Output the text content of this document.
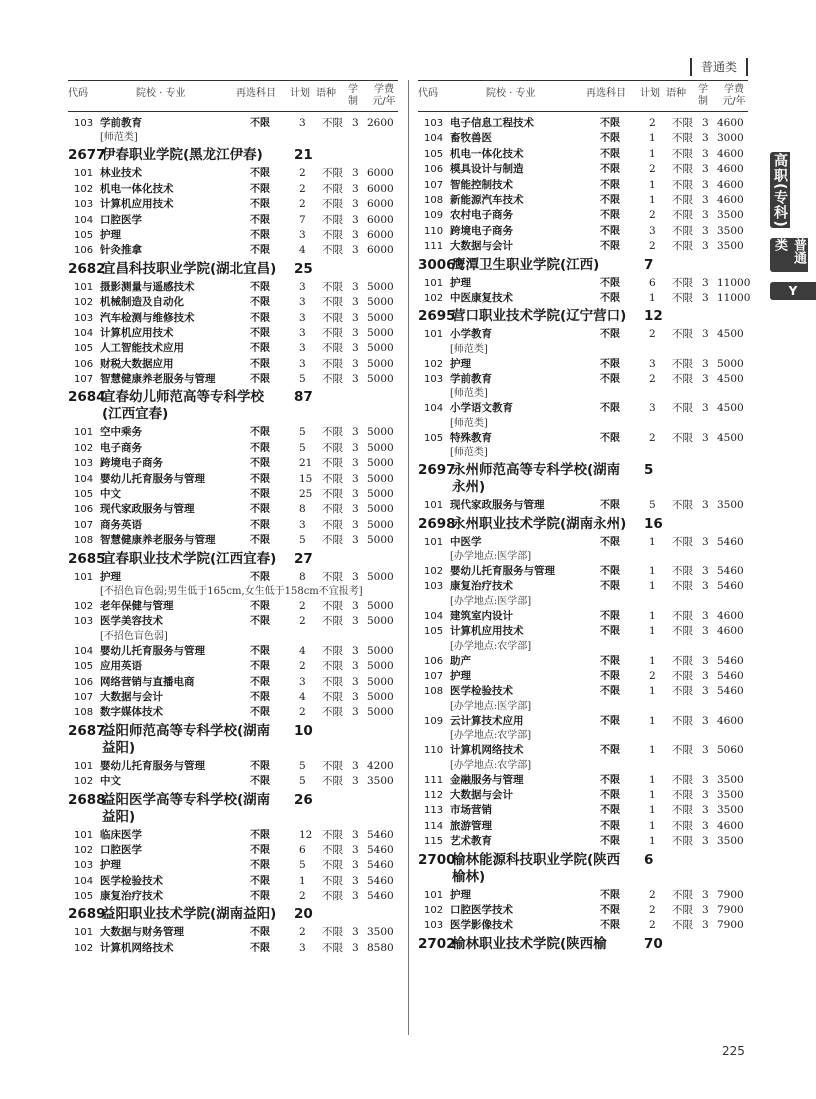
普通类
代码	院校 · 专业	再选科目 计划 语种 学制
学费元/年
103 学前教育	不限	3 不限 3 2600
[师范类]
2677
伊春职业学院(黑龙江伊春)	21
101 林业技术	不限	2 不限 3 6000
102 机电一体化技术	不限	2 不限 3 6000
103 计算机应用技术	不限	2 不限 3 6000
104 口腔医学	不限	7 不限 3 6000
105 护理	不限	3 不限 3 6000
106 针灸推拿	不限	4 不限 3 6000
2682
宜昌科技职业学院(湖北宜昌) 25
101 摄影测量与遥感技术	不限	3 不限 3 5000
102 机械制造及自动化	不限	3 不限 3 5000
103 汽车检测与维修技术	不限	3 不限 3 5000
104 计算机应用技术	不限	3 不限 3 5000
105 人工智能技术应用	不限	3 不限 3 5000
106 财税大数据应用	不限	3 不限 3 5000
107 智慧健康养老服务与管理	不限	5 不限 3 5000
2684
宜春幼儿师范高等专科学校(江西宜春)
87
101 空中乘务	不限	5 不限 3 5000
102 电子商务	不限	5 不限 3 5000
103 跨境电子商务	不限	21 不限 3 5000
104 婴幼儿托育服务与管理	不限	15 不限 3 5000
105 中文	不限	25 不限 3 5000
106 现代家政服务与管理	不限	8 不限 3 5000
107 商务英语	不限	3 不限 3 5000
108 智慧健康养老服务与管理	不限	5 不限 3 5000
2685
宜春职业技术学院(江西宜春) 27
101 护理	不限	8 不限 3 5000
[不招色盲色弱;男生低于165cm,女生低于158cm不宜报考]
102 老年保健与管理	不限	2 不限 3 5000
103 医学美容技术	不限	2 不限 3 5000
[不招色盲色弱]
104 婴幼儿托育服务与管理	不限	4 不限 3 5000
105 应用英语	不限	2 不限 3 5000
106 网络营销与直播电商	不限	3 不限 3 5000
107 大数据与会计	不限	4 不限 3 5000
108 数字媒体技术	不限	2 不限 3 5000
2687
益阳师范高等专科学校(湖南益阳)
10
101 婴幼儿托育服务与管理	不限	5 不限 3 4200
102 中文	不限	5 不限 3 3500
2688
益阳医学高等专科学校(湖南益阳)
26
101 临床医学	不限	12 不限 3 5460
102 口腔医学	不限	6 不限 3 5460
103 护理	不限	5 不限 3 5460
104 医学检验技术	不限	1 不限 3 5460
105 康复治疗技术	不限	2 不限 3 5460
2689
益阳职业技术学院(湖南益阳) 20
101 大数据与财务管理	不限	2 不限 3 3500
102 计算机网络技术	不限	3 不限 3 8580
代码	院校 · 专业	再选科目 计划 语种 学制
学费元/年
103 电子信息工程技术	不限	2 不限 3 4600
104 畜牧兽医	不限	1 不限 3 3000
105 机电一体化技术	不限	1 不限 3 4600
106 模具设计与制造	不限	2 不限 3 4600
107 智能控制技术	不限	1 不限 3 4600
108 新能源汽车技术	不限	1 不限 3 4600
109 农村电子商务	不限	2 不限 3 3500
110 跨境电子商务	不限	3 不限 3 3500
111 大数据与会计	不限	2 不限 3 3500
3006
鹰潭卫生职业学院(江西)	7
101 护理	不限	6 不限 3 11000
102 中医康复技术	不限	1 不限 3 11000
2695
营口职业技术学院(辽宁营口) 12
101 小学教育	不限	2 不限 3 4500
[师范类]
102 护理	不限	3 不限 3 5000
103 学前教育	不限	2 不限 3 4500
[师范类]
104 小学语文教育	不限	3 不限 3 4500
[师范类]
105 特殊教育	不限	2 不限 3 4500
[师范类]
2697
永州师范高等专科学校(湖南永州)
5
101 现代家政服务与管理	不限	5 不限 3 3500
2698
永州职业技术学院(湖南永州) 16
101 中医学	不限	1 不限 3 5460
[办学地点:医学部]
102 婴幼儿托育服务与管理	不限	1 不限 3 5460
103 康复治疗技术	不限	1 不限 3 5460
[办学地点:医学部]
104 建筑室内设计	不限	1 不限 3 4600
105 计算机应用技术	不限	1 不限 3 4600
[办学地点:农学部]
106 助产	不限	1 不限 3 5460
107 护理	不限	2 不限 3 5460
108 医学检验技术	不限	1 不限 3 5460
[办学地点:医学部]
109 云计算技术应用	不限	1 不限 3 4600
[办学地点:农学部]
110 计算机网络技术	不限	1 不限 3 5060
[办学地点:农学部]
111 金融服务与管理	不限	1 不限 3 3500
112 大数据与会计	不限	1 不限 3 3500
113 市场营销	不限	1 不限 3 3500
114 旅游管理	不限	1 不限 3 4600
115 艺术教育	不限	1 不限 3 3500
2700
榆林能源科技职业学院(陕西榆林)
6
101 护理	不限	2 不限 3 7900
102 口腔医学技术	不限	2 不限 3 7900
103 医学影像技术	不限	2 不限 3 7900
2702
榆林职业技术学院(陕西榆	70
高职(专科)
普通类
Y
225
